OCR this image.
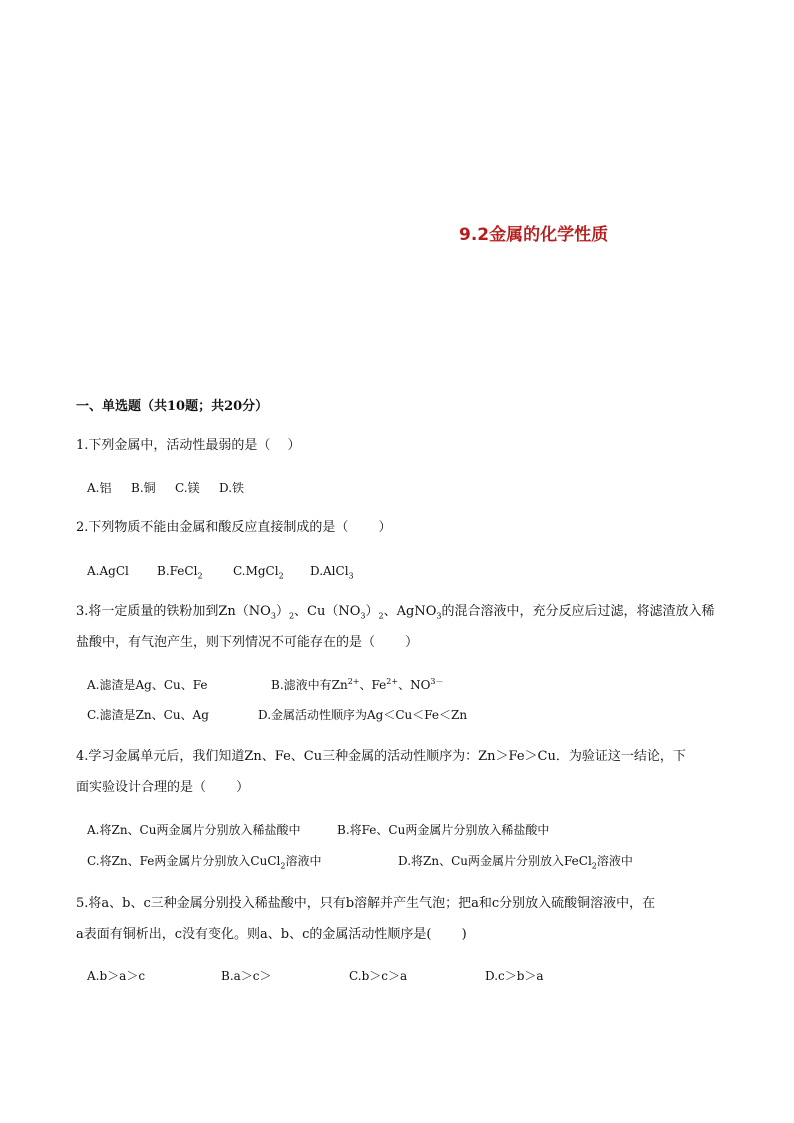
9.2金属的化学性质
一、单选题（共10题；共20分）
1.下列金属中，活动性最弱的是（　 ）
A.铝 B.铜 C.镁 D.铁
2.下列物质不能由金属和酸反应直接制成的是（　　 ）
A.AgCl B.FeCl$_2$	C.MgCl$_2$ D.AlCl$_3$
3.将一定质量的铁粉加到$Zn(NO_3)_2$、$Cu(NO_3)_2$、AgNO$_3$的混合溶液中，充分反应后过滤，将滤渣放入稀
盐酸中，有气泡产生，则下列情况不可能存在的是（　　 ）
A.滤渣是Ag、Cu、Fe	B.滤液中有$Zn^{2+}$、$Fe^{2+}$、$NO^{3-}$
C.滤渣是Zn、Cu、Ag	D.金属活动性顺序为Ag＜Cu＜Fe＜Zn
4.学习金属单元后，我们知道Zn、Fe、Cu三种金属的活动性顺序为：Zn＞Fe＞Cu．为验证这一结论，下
面实验设计合理的是（　　 ）
A.将Zn、Cu两金属片分别放入稀盐酸中	B.将Fe、Cu两金属片分别放入稀盐酸中
C.将Zn、Fe两金属片分别放入CuCl$_2$溶液中	D.将Zn、Cu两金属片分别放入FeCl$_2$溶液中
5.将a、b、c三种金属分别投入稀盐酸中，只有b溶解并产生气泡；把a和c分别放入硫酸铜溶液中，在
a表面有铜析出，c没有变化。则a、b、c的金属活动性顺序是(　　 )
A.b＞a＞c	B.a＞c＞	C.b＞c＞a	D.c＞b＞a
